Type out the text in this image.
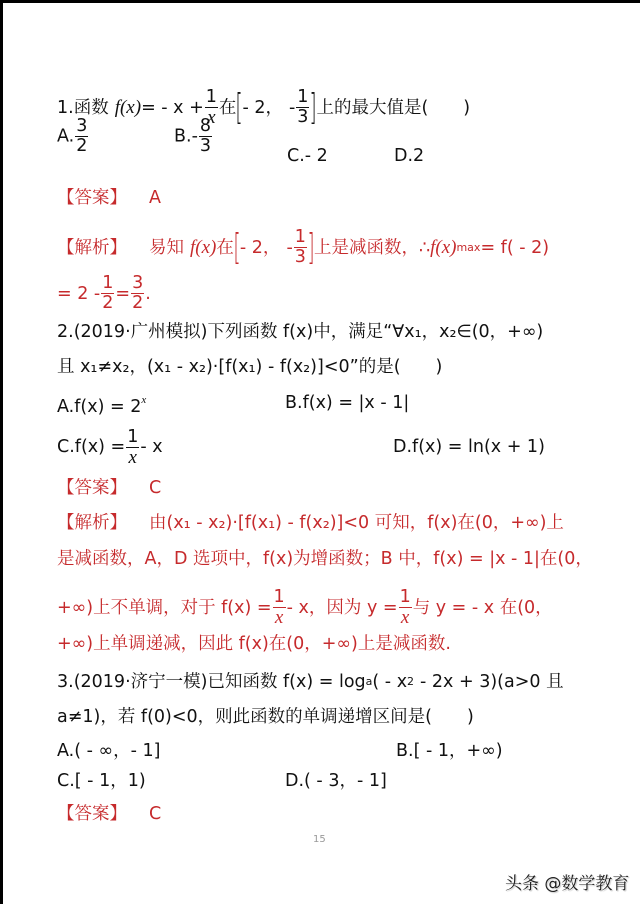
1. 函数 f(x) = - $x + \frac{1}{x}$ 在 [ - 2， - $\frac{1}{3}$ ] 上的最大值是(　　)
A. $\frac{3}{2}$	$B.- \frac{8}{3}$
C.- 2	D.2
【答案】 A
【解析】 易知 f(x) 在 [ - 2， - $\frac{1}{3}$ ] 上是减函数，∴ f(x) max = f( - 2)
= $2 - \frac{1}{2} = \frac{3}{2}$ .
2. (2019·广州模拟)下列函数 f(x)中，满足“∀x₁，x₂∈(0，+∞)
且 x₁≠x₂，(x₁ - x₂)·[f(x₁) - f(x₂)]<0”的是(　　)
$A.f(x) = 2^x$	B.f(x) = |x - 1|
C. $f(x) = \frac{1}{x} - x$	D.f(x) = ln(x + 1)
【答案】 C
【解析】 由(x₁ - x₂)·[f(x₁) - f(x₂)]<0 可知，f(x)在(0，+∞)上
是减函数，A，D 选项中，f(x)为增函数；B 中，f(x) = |x - 1|在(0，
+∞)上不单调，对于 $f(x) = \frac{1}{x} - x$，因为 $y = \frac{1}{x}$ 与 y = - x 在(0，
+∞)上单调递减，因此 f(x)在(0，+∞)上是减函数.
3. (2019·济宁一模)已知函数 f(x) = log a ( - x 2 - 2x + 3)(a>0 且
a≠1)，若 f(0)<0，则此函数的单调递增区间是(　　)
A.( - ∞，- 1]	B.[ - 1，+∞)
C.[ - 1，1)	D.( - 3，- 1]
【答案】 C
15
头条 @数学教育
